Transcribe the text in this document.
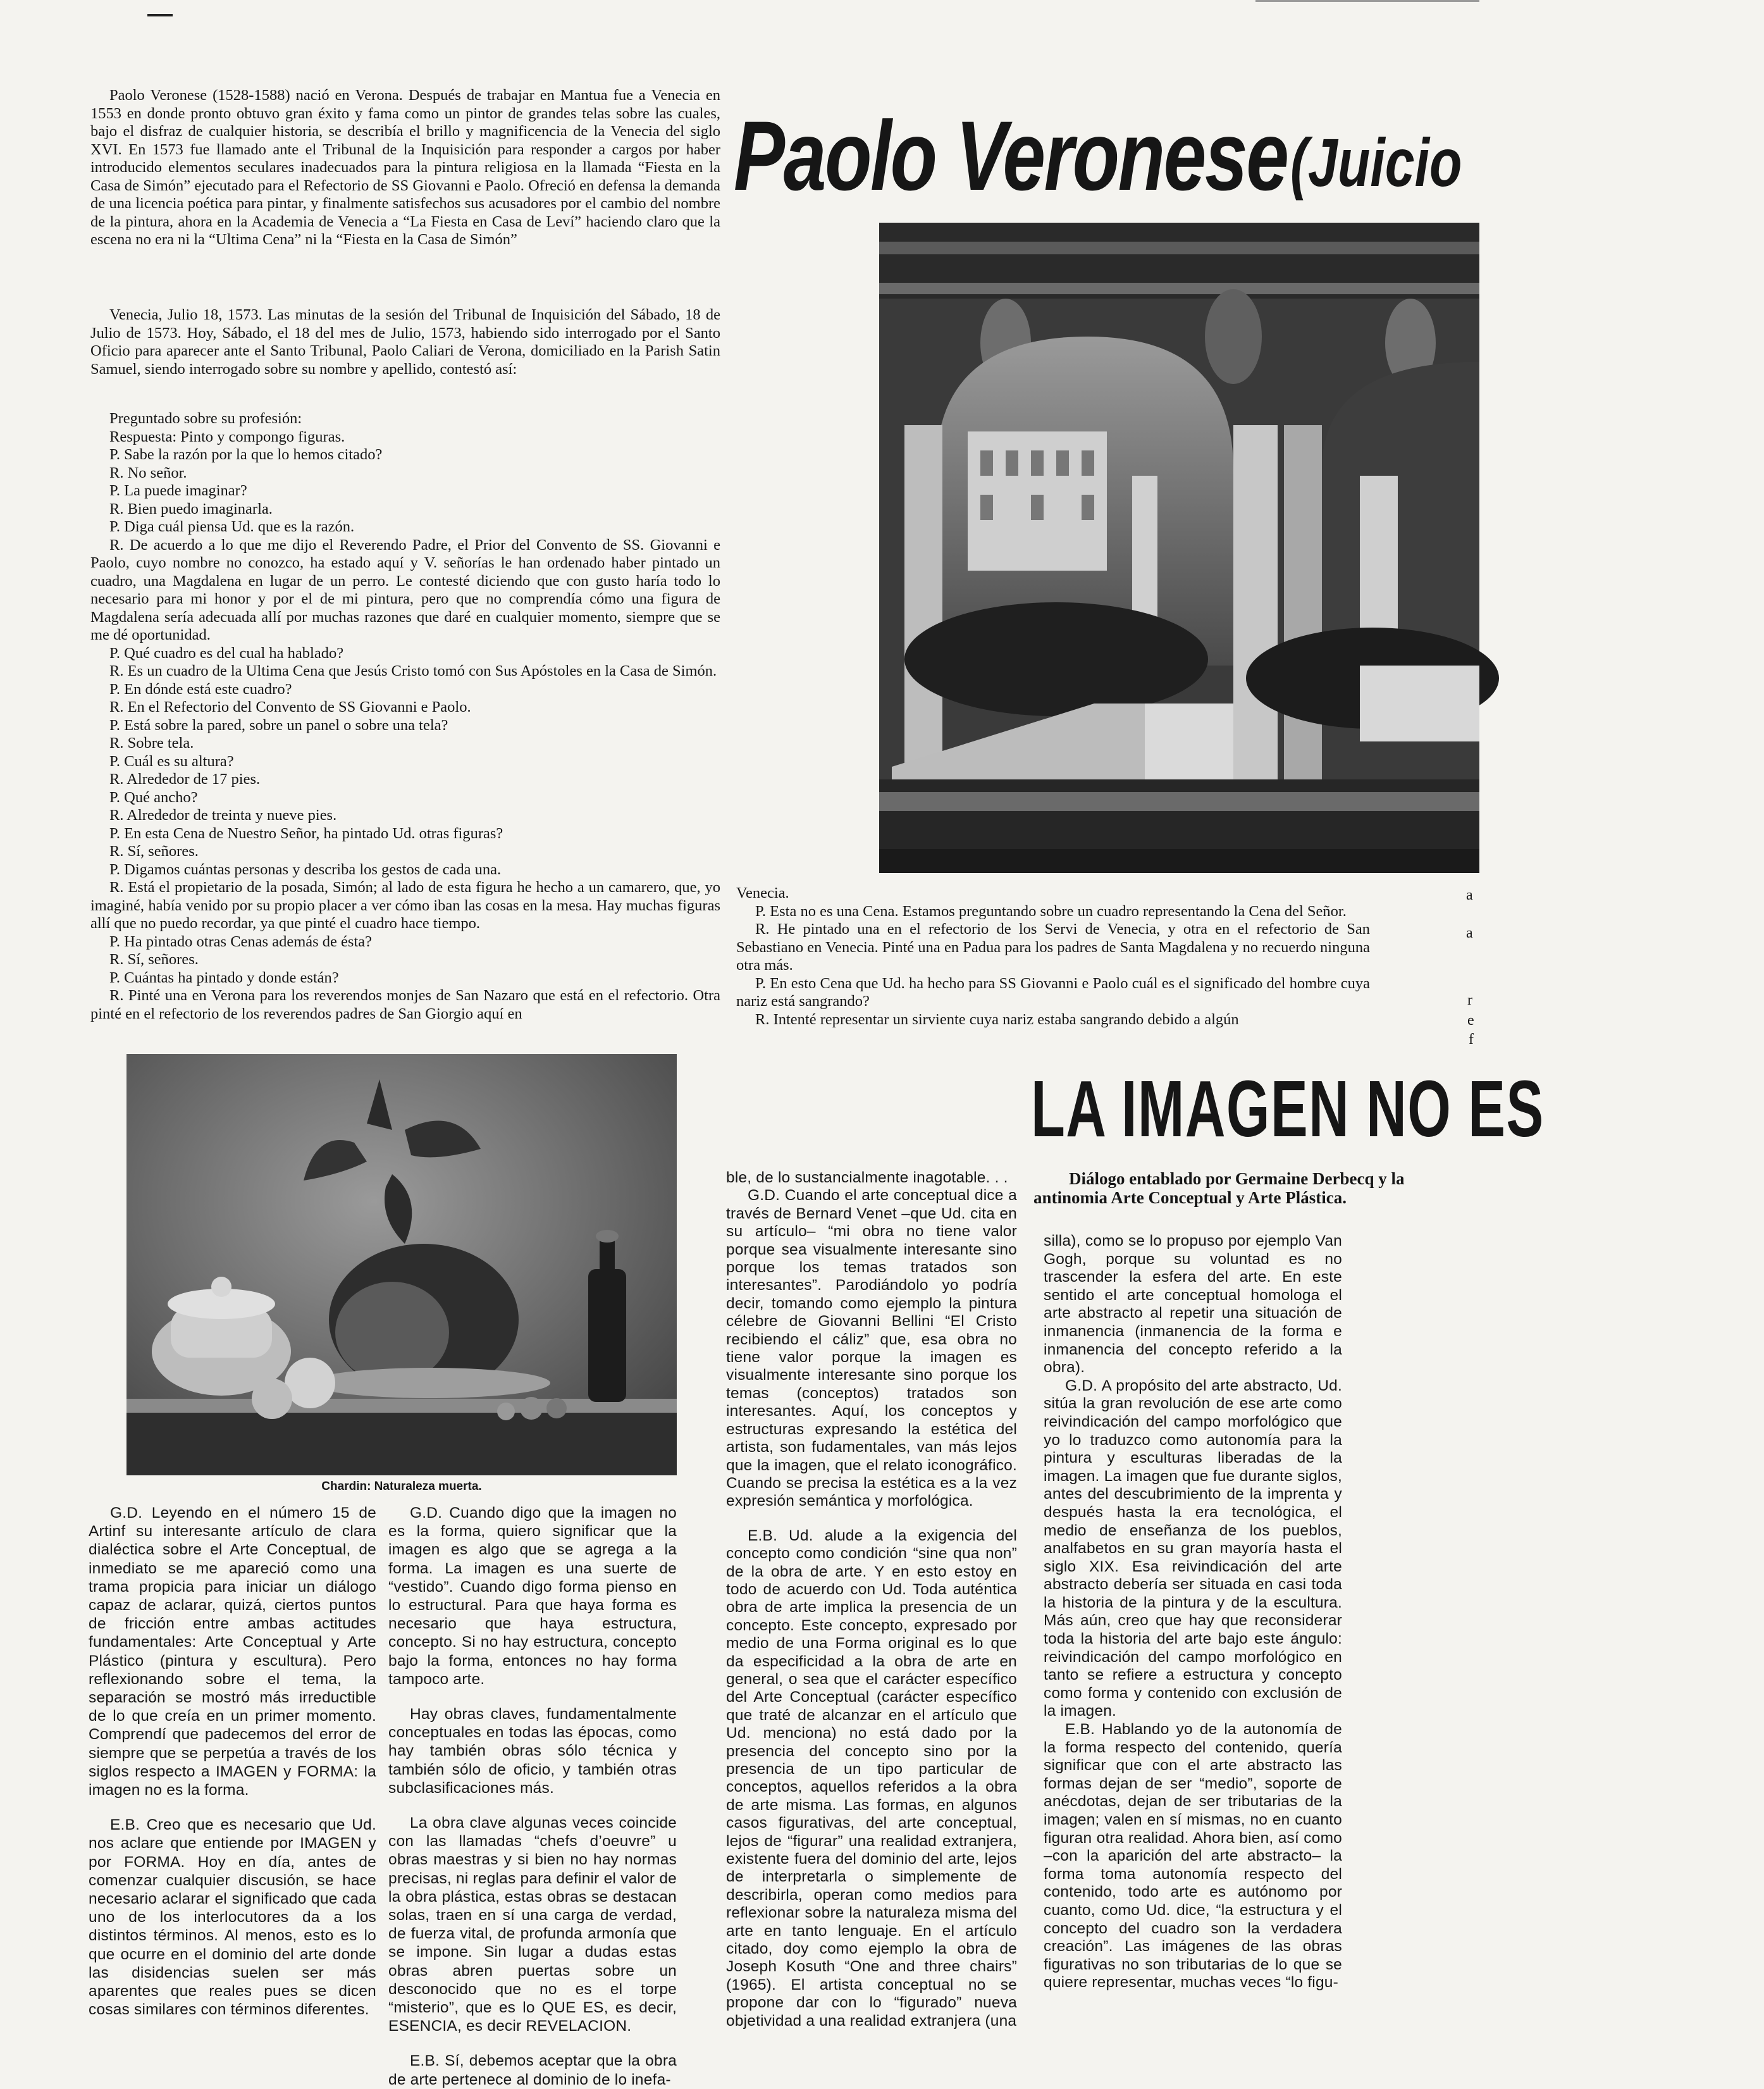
Paolo Veronese (Juicio

Paolo Veronese (1528-1588) nació en Verona. Después de trabajar en Mantua fue a Venecia en 1553 en donde pronto obtuvo gran éxito y fama como un pintor de grandes telas sobre las cuales, bajo el disfraz de cualquier historia, se describía el brillo y magnificencia de la Venecia del siglo XVI. En 1573 fue llamado ante el Tribunal de la Inquisición para responder a cargos por haber introducido elementos seculares inadecuados para la pintura religiosa en la llamada “Fiesta en la Casa de Simón” ejecutado para el Refectorio de SS Giovanni e Paolo. Ofreció en defensa la demanda de una licencia poética para pintar, y finalmente satisfechos sus acusadores por el cambio del nombre de la pintura, ahora en la Academia de Venecia a “La Fiesta en Casa de Leví” haciendo claro que la escena no era ni la “Ultima Cena” ni la “Fiesta en la Casa de Simón”

Venecia, Julio 18, 1573. Las minutas de la sesión del Tribunal de Inquisición del Sábado, 18 de Julio de 1573. Hoy, Sábado, el 18 del mes de Julio, 1573, habiendo sido interrogado por el Santo Oficio para aparecer ante el Santo Tribunal, Paolo Caliari de Verona, domiciliado en la Parish Satin Samuel, siendo interrogado sobre su nombre y apellido, contestó así:

Preguntado sobre su profesión:

Respuesta: Pinto y compongo figuras.

P. Sabe la razón por la que lo hemos citado?

R. No señor.

P. La puede imaginar?

R. Bien puedo imaginarla.

P. Diga cuál piensa Ud. que es la razón.

R. De acuerdo a lo que me dijo el Reverendo Padre, el Prior del Convento de SS. Giovanni e Paolo, cuyo nombre no conozco, ha estado aquí y V. señorías le han ordenado haber pintado un cuadro, una Magdalena en lugar de un perro. Le contesté diciendo que con gusto haría todo lo necesario para mi honor y por el de mi pintura, pero que no comprendía cómo una figura de Magdalena sería adecuada allí por muchas razones que daré en cualquier momento, siempre que se me dé oportunidad.

P. Qué cuadro es del cual ha hablado?

R. Es un cuadro de la Ultima Cena que Jesús Cristo tomó con Sus Apóstoles en la Casa de Simón.

P. En dónde está este cuadro?

R. En el Refectorio del Convento de SS Giovanni e Paolo.

P. Está sobre la pared, sobre un panel o sobre una tela?

R. Sobre tela.

P. Cuál es su altura?

R. Alrededor de 17 pies.

P. Qué ancho?

R. Alrededor de treinta y nueve pies.

P. En esta Cena de Nuestro Señor, ha pintado Ud. otras figuras?

R. Sí, señores.

P. Digamos cuántas personas y describa los gestos de cada una.

R. Está el propietario de la posada, Simón; al lado de esta figura he hecho a un camarero, que, yo imaginé, había venido por su propio placer a ver cómo iban las cosas en la mesa. Hay muchas figuras allí que no puedo recordar, ya que pinté el cuadro hace tiempo.

P. Ha pintado otras Cenas además de ésta?

R. Sí, señores.

P. Cuántas ha pintado y donde están?

R. Pinté una en Verona para los reverendos monjes de San Nazaro que está en el refectorio. Otra pinté en el refectorio de los reverendos padres de San Giorgio aquí en

Venecia.

P. Esta no es una Cena. Estamos preguntando sobre un cuadro representando la Cena del Señor.

R. He pintado una en el refectorio de los Servi de Venecia, y otra en el refectorio de San Sebastiano en Venecia. Pinté una en Padua para los padres de Santa Magdalena y no recuerdo ninguna otra más.

P. En esto Cena que Ud. ha hecho para SS Giovanni e Paolo cuál es el significado del hombre cuya nariz está sangrando?

R. Intenté representar un sirviente cuya nariz estaba sangrando debido a algún

a
a
r
e
f
Chardin: Naturaleza muerta.
LA IMAGEN NO ES
Diálogo entablado por Germaine Derbecq y la
antinomia Arte Conceptual y Arte Plástica.

G.D. Leyendo en el número 15 de Artinf su interesante artículo de clara dialéctica sobre el Arte Conceptual, de inmediato se me apareció como una trama propicia para iniciar un diálogo capaz de aclarar, quizá, ciertos puntos de fricción entre ambas actitudes fundamentales: Arte Conceptual y Arte Plástico (pintura y escultura). Pero reflexionando sobre el tema, la separación se mostró más irreductible de lo que creía en un primer momento. Comprendí que padecemos del error de siempre que se perpetúa a través de los siglos respecto a IMAGEN y FORMA: la imagen no es la forma.

E.B. Creo que es necesario que Ud. nos aclare que entiende por IMAGEN y por FORMA. Hoy en día, antes de comenzar cualquier discusión, se hace necesario aclarar el significado que cada uno de los interlocutores da a los distintos términos. Al menos, esto es lo que ocurre en el dominio del arte donde las disidencias suelen ser más aparentes que reales pues se dicen cosas similares con términos diferentes.

G.D. Cuando digo que la imagen no es la forma, quiero significar que la imagen es algo que se agrega a la forma. La imagen es una suerte de “vestido”. Cuando digo forma pienso en lo estructural. Para que haya forma es necesario que haya estructura, concepto. Si no hay estructura, concepto bajo la forma, entonces no hay forma tampoco arte.

Hay obras claves, fundamentalmente conceptuales en todas las épocas, como hay también obras sólo técnica y también sólo de oficio, y también otras subclasificaciones más.

La obra clave algunas veces coincide con las llamadas “chefs d’oeuvre” u obras maestras y si bien no hay normas precisas, ni reglas para definir el valor de la obra plástica, estas obras se destacan solas, traen en sí una carga de verdad, de fuerza vital, de profunda armonía que se impone. Sin lugar a dudas estas obras abren puertas sobre un desconocido que no es el torpe “misterio”, que es lo QUE ES, es decir, ESENCIA, es decir REVELACION.

E.B. Sí, debemos aceptar que la obra de arte pertenece al dominio de lo inefa-

ble, de lo sustancialmente inagotable. . .

G.D. Cuando el arte conceptual dice a través de Bernard Venet –que Ud. cita en su artículo– “mi obra no tiene valor porque sea visualmente interesante sino porque los temas tratados son interesantes”. Parodiándolo yo podría decir, tomando como ejemplo la pintura célebre de Giovanni Bellini “El Cristo recibiendo el cáliz” que, esa obra no tiene valor porque la imagen es visualmente interesante sino porque los temas (conceptos) tratados son interesantes. Aquí, los conceptos y estructuras expresando la estética del artista, son fudamentales, van más lejos que la imagen, que el relato iconográfico. Cuando se precisa la estética es a la vez expresión semántica y morfológica.

E.B. Ud. alude a la exigencia del concepto como condición “sine qua non” de la obra de arte. Y en esto estoy en todo de acuerdo con Ud. Toda auténtica obra de arte implica la presencia de un concepto. Este concepto, expresado por medio de una Forma original es lo que da especificidad a la obra de arte en general, o sea que el carácter específico del Arte Conceptual (carácter específico que traté de alcanzar en el artículo que Ud. menciona) no está dado por la presencia del concepto sino por la presencia de un tipo particular de conceptos, aquellos referidos a la obra de arte misma. Las formas, en algunos casos figurativas, del arte conceptual, lejos de “figurar” una realidad extranjera, existente fuera del dominio del arte, lejos de interpretarla o simplemente de describirla, operan como medios para reflexionar sobre la naturaleza misma del arte en tanto lenguaje. En el artículo citado, doy como ejemplo la obra de Joseph Kosuth “One and three chairs” (1965). El artista conceptual no se propone dar con lo “figurado” nueva objetividad a una realidad extranjera (una

silla), como se lo propuso por ejemplo Van Gogh, porque su voluntad es no trascender la esfera del arte. En este sentido el arte conceptual homologa el arte abstracto al repetir una situación de inmanencia (inmanencia de la forma e inmanencia del concepto referido a la obra).

G.D. A propósito del arte abstracto, Ud. sitúa la gran revolución de ese arte como reivindicación del campo morfológico que yo lo traduzco como autonomía para la pintura y esculturas liberadas de la imagen. La imagen que fue durante siglos, antes del descubrimiento de la imprenta y después hasta la era tecnológica, el medio de enseñanza de los pueblos, analfabetos en su gran mayoría hasta el siglo XIX. Esa reivindicación del arte abstracto debería ser situada en casi toda la historia de la pintura y de la escultura. Más aún, creo que hay que reconsiderar toda la historia del arte bajo este ángulo: reivindicación del campo morfológico en tanto se refiere a estructura y concepto como forma y contenido con exclusión de la imagen.

E.B. Hablando yo de la autonomía de la forma respecto del contenido, quería significar que con el arte abstracto las formas dejan de ser “medio”, soporte de anécdotas, dejan de ser tributarias de la imagen; valen en sí mismas, no en cuanto figuran otra realidad. Ahora bien, así como –con la aparición del arte abstracto– la forma toma autonomía respecto del contenido, todo arte es autónomo por cuanto, como Ud. dice, “la estructura y el concepto del cuadro son la verdadera creación”. Las imágenes de las obras figurativas no son tributarias de lo que se quiere representar, muchas veces “lo figu-
